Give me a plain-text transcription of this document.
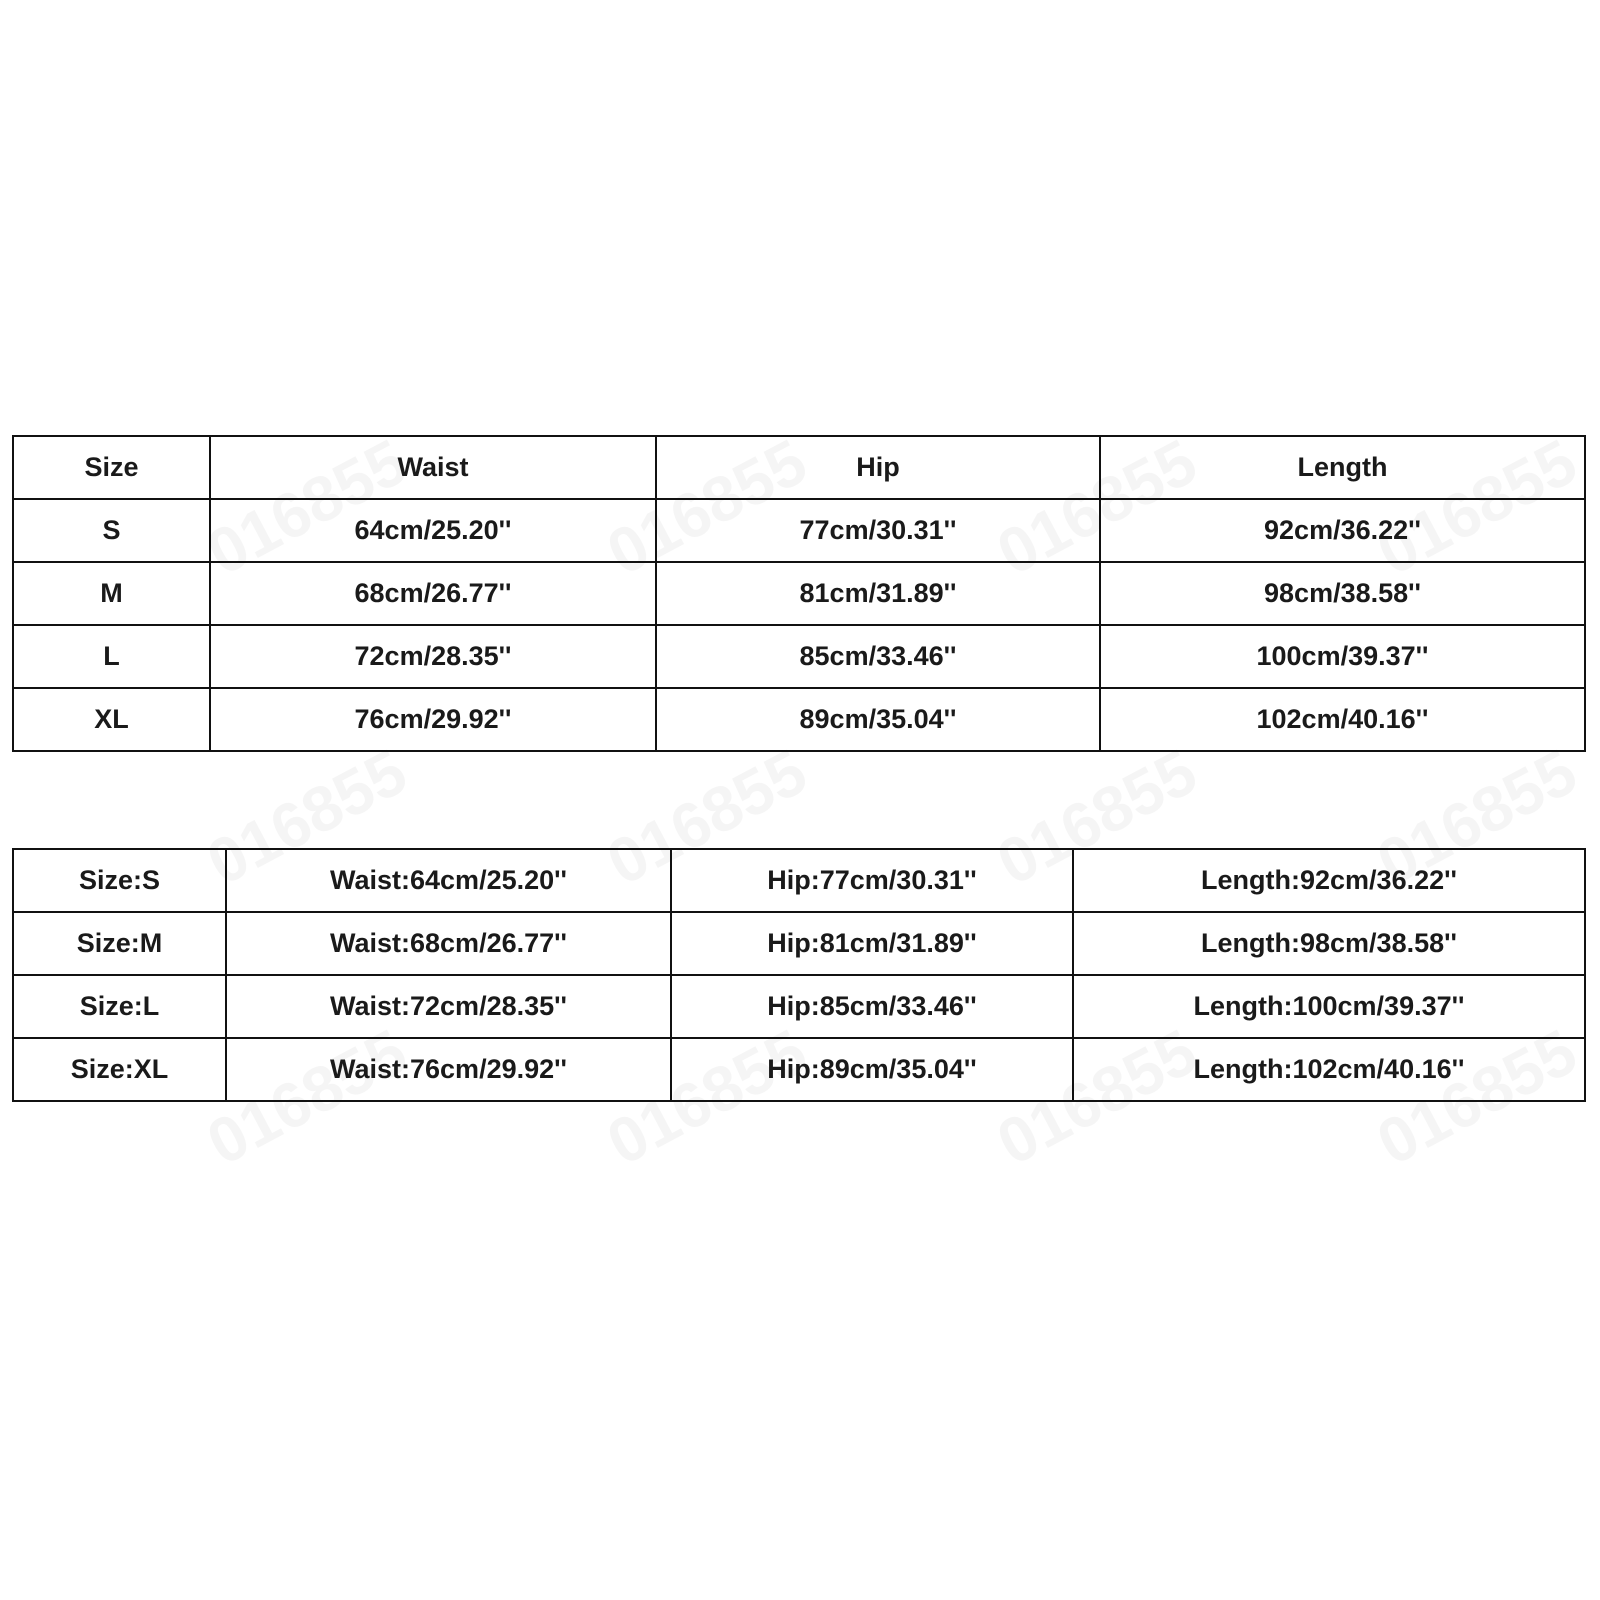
Size	Waist	Hip	Length
S	64cm/25.20''	77cm/30.31''	92cm/36.22''
M	68cm/26.77''	81cm/31.89''	98cm/38.58''
L	72cm/28.35''	85cm/33.46''	100cm/39.37''
XL	76cm/29.92''	89cm/35.04''	102cm/40.16''
Size:S	Waist:64cm/25.20''	Hip:77cm/30.31''	Length:92cm/36.22''
Size:M	Waist:68cm/26.77''	Hip:81cm/31.89''	Length:98cm/38.58''
Size:L	Waist:72cm/28.35''	Hip:85cm/33.46''	Length:100cm/39.37''
Size:XL	Waist:76cm/29.92''	Hip:89cm/35.04''	Length:102cm/40.16''
